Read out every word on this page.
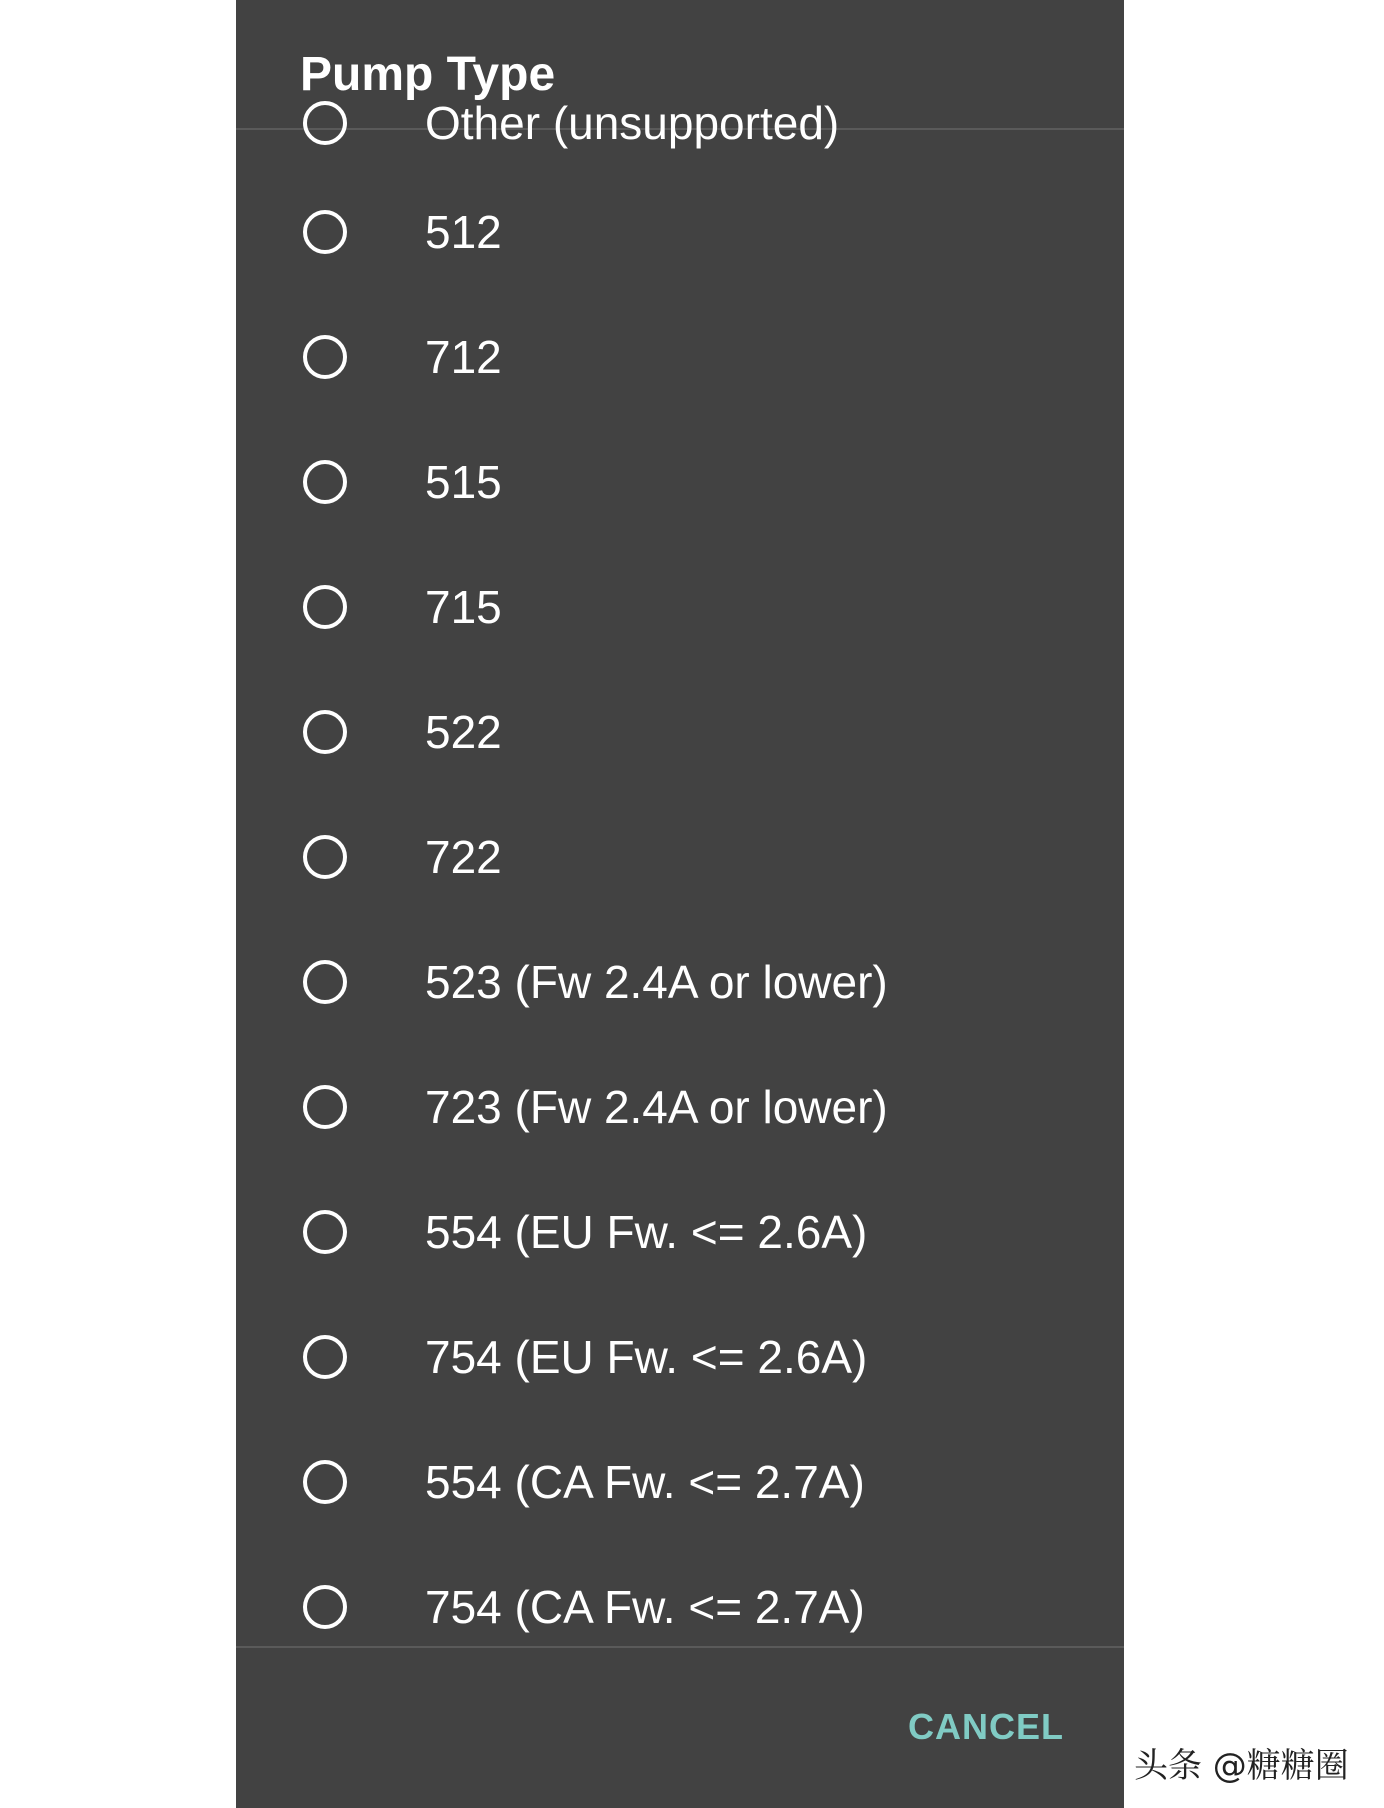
Pump Type
Other (unsupported)
512
712
515
715
522
722
523 (Fw 2.4A or lower)
723 (Fw 2.4A or lower)
554 (EU Fw. <= 2.6A)
754 (EU Fw. <= 2.6A)
554 (CA Fw. <= 2.7A)
754 (CA Fw. <= 2.7A)
CANCEL
头条 @糖糖圈
